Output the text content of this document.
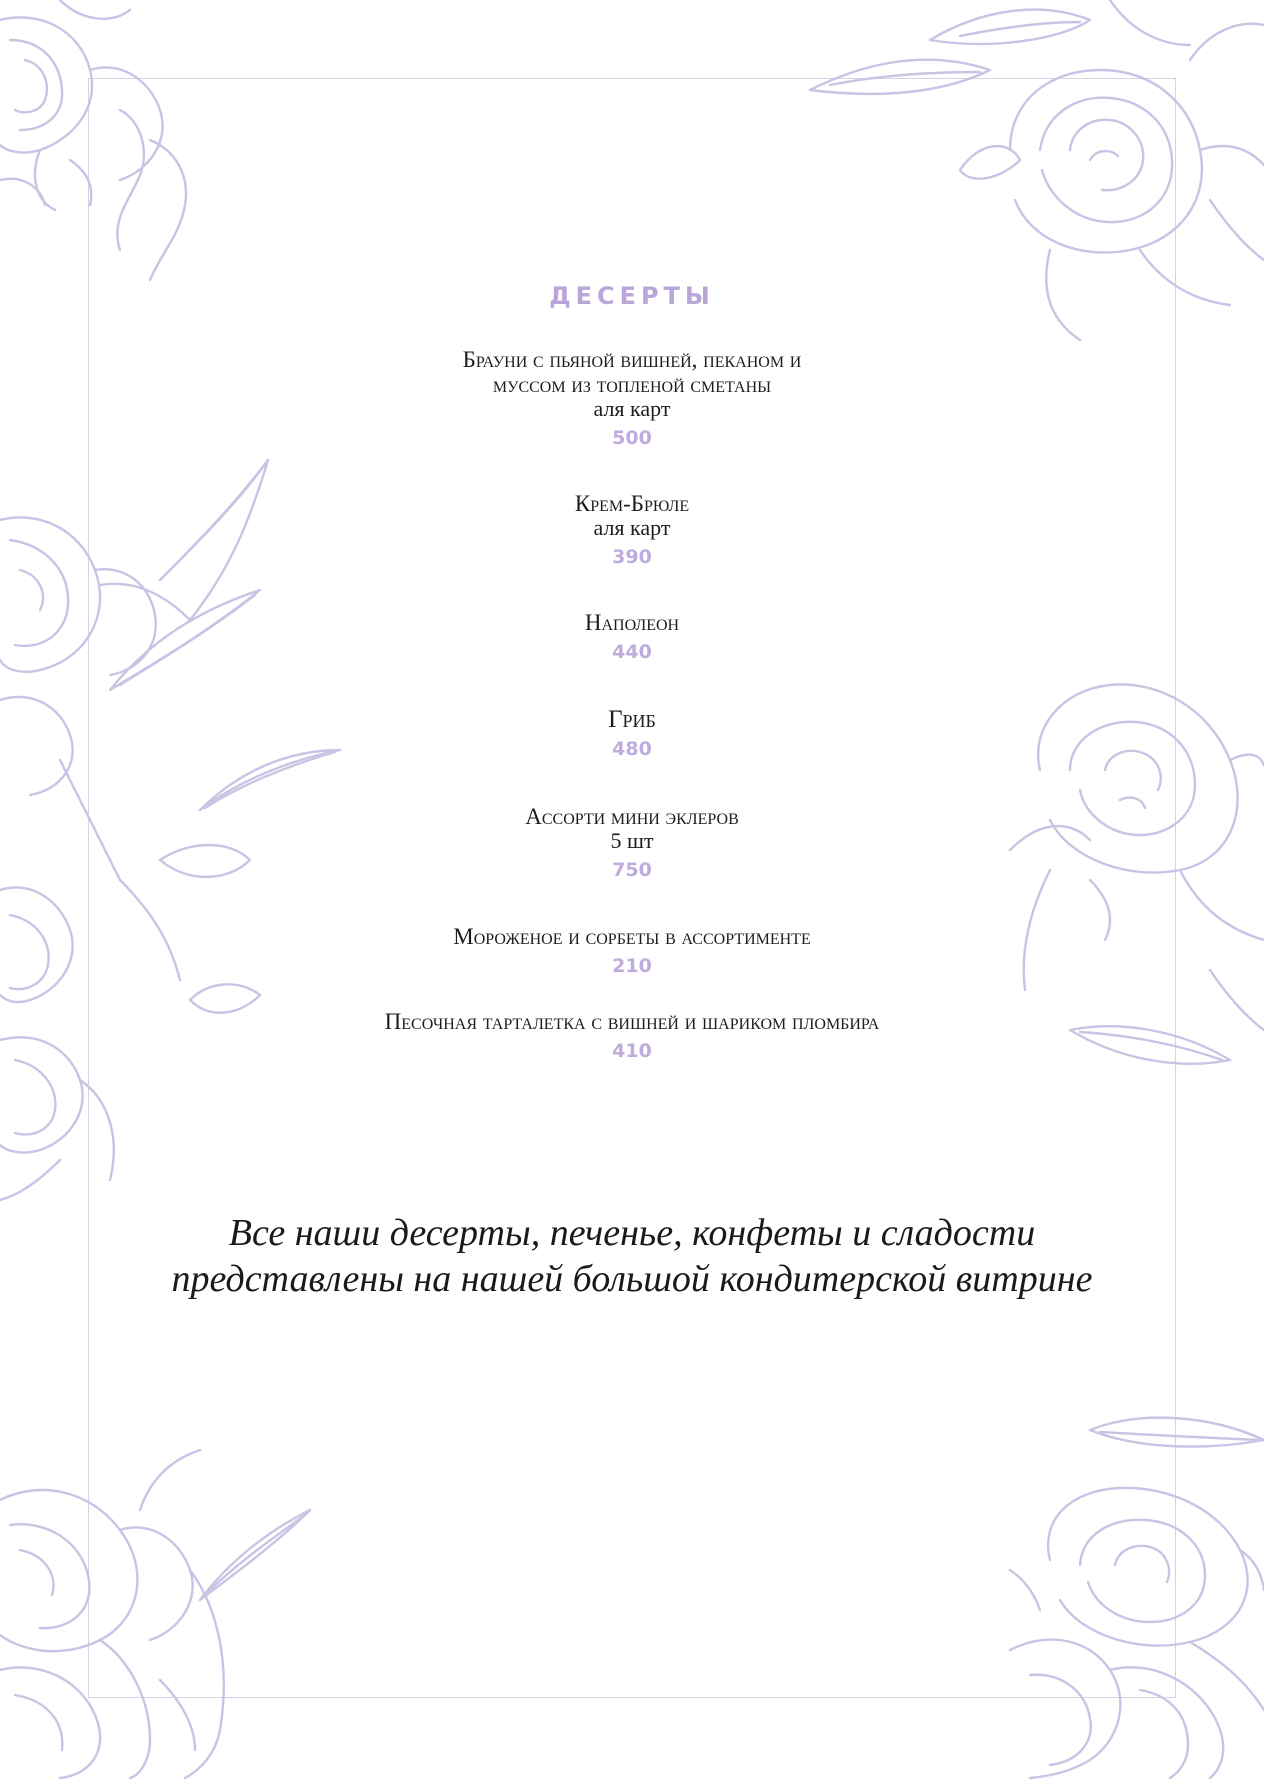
ДЕСЕРТЫ
Брауни с пьяной вишней, пеканом и
муссом из топленой сметаны
аля карт
500
Крем-Брюле
аля карт
390
Наполеон
440
Гриб
480
Ассорти мини эклеров
5 шт
750
Мороженое и сорбеты в ассортименте
210
Песочная тарталетка с вишней и шариком пломбира
410
Все наши десерты, печенье, конфеты и сладости
представлены на нашей большой кондитерской витрине
